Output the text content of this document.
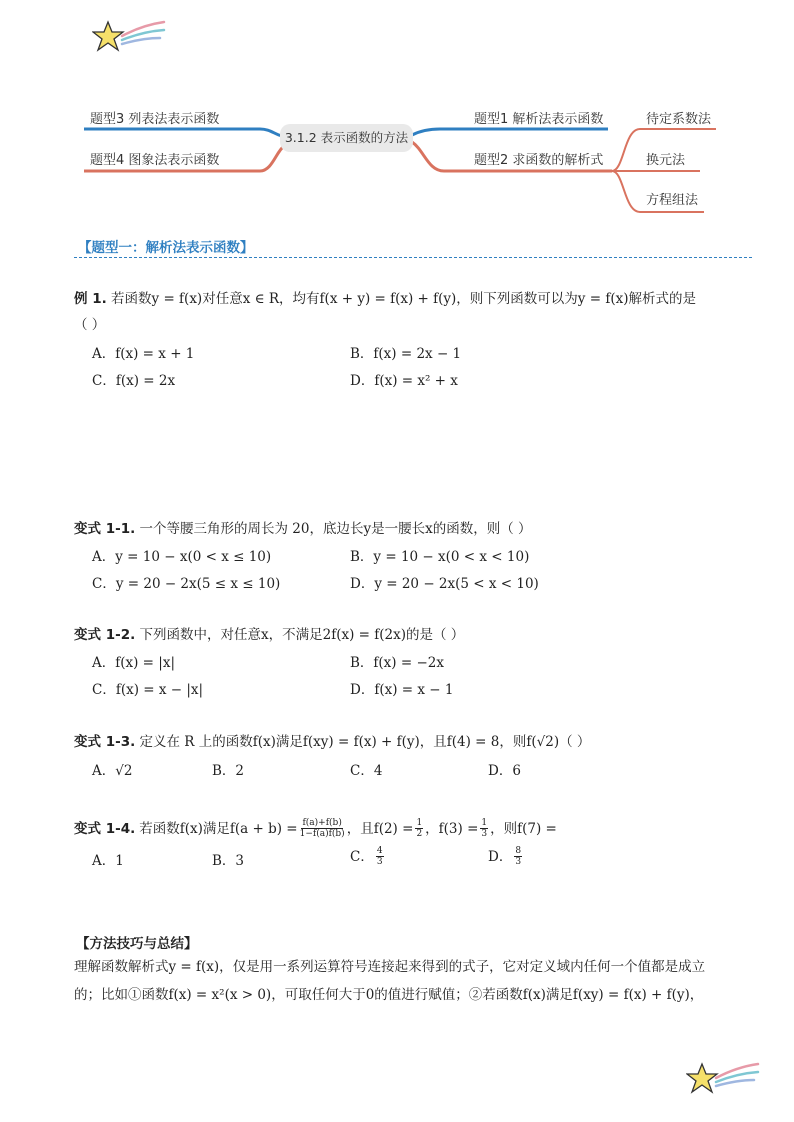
3.1.2 表示函数的方法
题型3 列表法表示函数
题型4 图象法表示函数
题型1 解析法表示函数
题型2 求函数的解析式
待定系数法
换元法
方程组法
【题型一：解析法表示函数】
例 1. 若函数y = f(x)对任意x ∈ R，均有f(x + y) = f(x) + f(y)，则下列函数可以为y = f(x)解析式的是
（ ）
A．f(x) = x + 1	B．f(x) = 2x − 1
C．f(x) = 2x	D．f(x) = x² + x
变式 1-1. 一个等腰三角形的周长为 20，底边长y是一腰长x的函数，则（ ）
A．y = 10 − x(0 < x ≤ 10)	B．y = 10 − x(0 < x < 10)
C．y = 20 − 2x(5 ≤ x ≤ 10)	D．y = 20 − 2x(5 < x < 10)
变式 1-2. 下列函数中，对任意x，不满足2f(x) = f(2x)的是（ ）
A．f(x) = |x|	B．f(x) = −2x
C．f(x) = x − |x|	D．f(x) = x − 1
变式 1-3. 定义在 R 上的函数f(x)满足f(xy) = f(x) + f(y)，且f(4) = 8，则f(√2)（ ）
A．√2	B．2	C．4	D．6
变式 1-4. 若函数f(x)满足$f(a + b) = \frac{f(a)+f(b)}{1-f(a)f(b)}$ ，且$f(2) = \frac{1}{2}$ ，$f(3) = \frac{1}{3}$ ，则f(7) =
A．1	B．3	C． $\frac{4}{3}$	D． $\frac{8}{3}$
【方法技巧与总结】
理解函数解析式y = f(x)，仅是用一系列运算符号连接起来得到的式子，它对定义域内任何一个值都是成立
的；比如①函数f(x) = x²(x > 0)，可取任何大于0的值进行赋值；②若函数f(x)满足f(xy) = f(x) + f(y)，
